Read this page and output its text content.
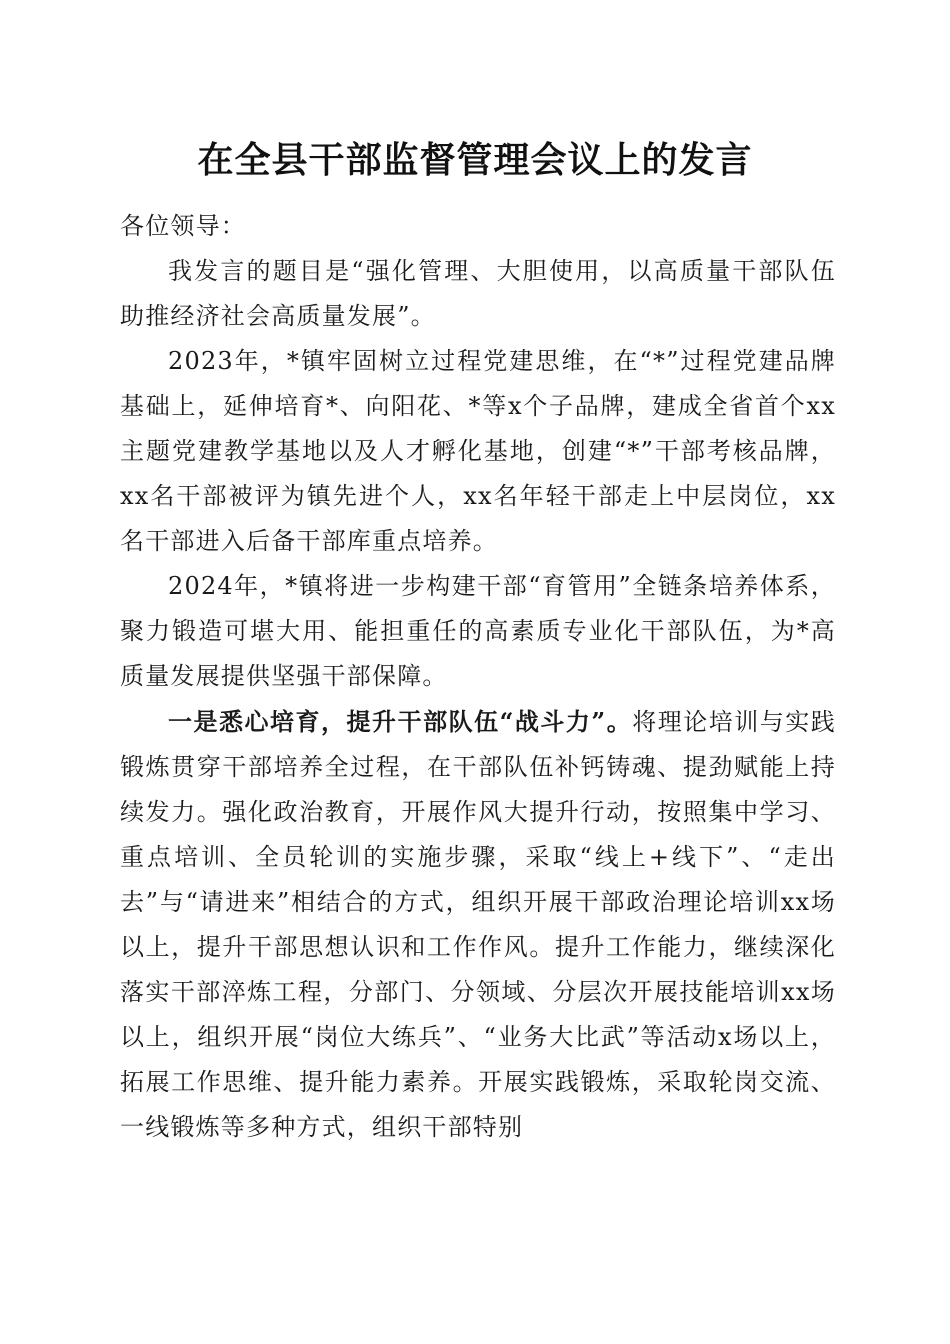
在全县干部监督管理会议上的发言

各位领导：

我发言的题目是“强化管理、大胆使用，以高质量干部队伍助推经济社会高质量发展”。

2023年，*镇牢固树立过程党建思维，在“*”过程党建品牌基础上，延伸培育*、向阳花、*等x个子品牌，建成全省首个xx主题党建教学基地以及人才孵化基地，创建“*”干部考核品牌，xx名干部被评为镇先进个人，xx名年轻干部走上中层岗位，xx名干部进入后备干部库重点培养。

2024年，*镇将进一步构建干部“育管用”全链条培养体系，聚力锻造可堪大用、能担重任的高素质专业化干部队伍，为*高质量发展提供坚强干部保障。

一是悉心培育，提升干部队伍“战斗力”。将理论培训与实践锻炼贯穿干部培养全过程，在干部队伍补钙铸魂、提劲赋能上持续发力。强化政治教育，开展作风大提升行动，按照集中学习、重点培训、全员轮训的实施步骤，采取“线上+线下”、“走出去”与“请进来”相结合的方式，组织开展干部政治理论培训xx场以上，提升干部思想认识和工作作风。提升工作能力，继续深化落实干部淬炼工程，分部门、分领域、分层次开展技能培训xx场以上，组织开展“岗位大练兵”、“业务大比武”等活动x场以上，拓展工作思维、提升能力素养。开展实践锻炼，采取轮岗交流、一线锻炼等多种方式，组织干部特别
